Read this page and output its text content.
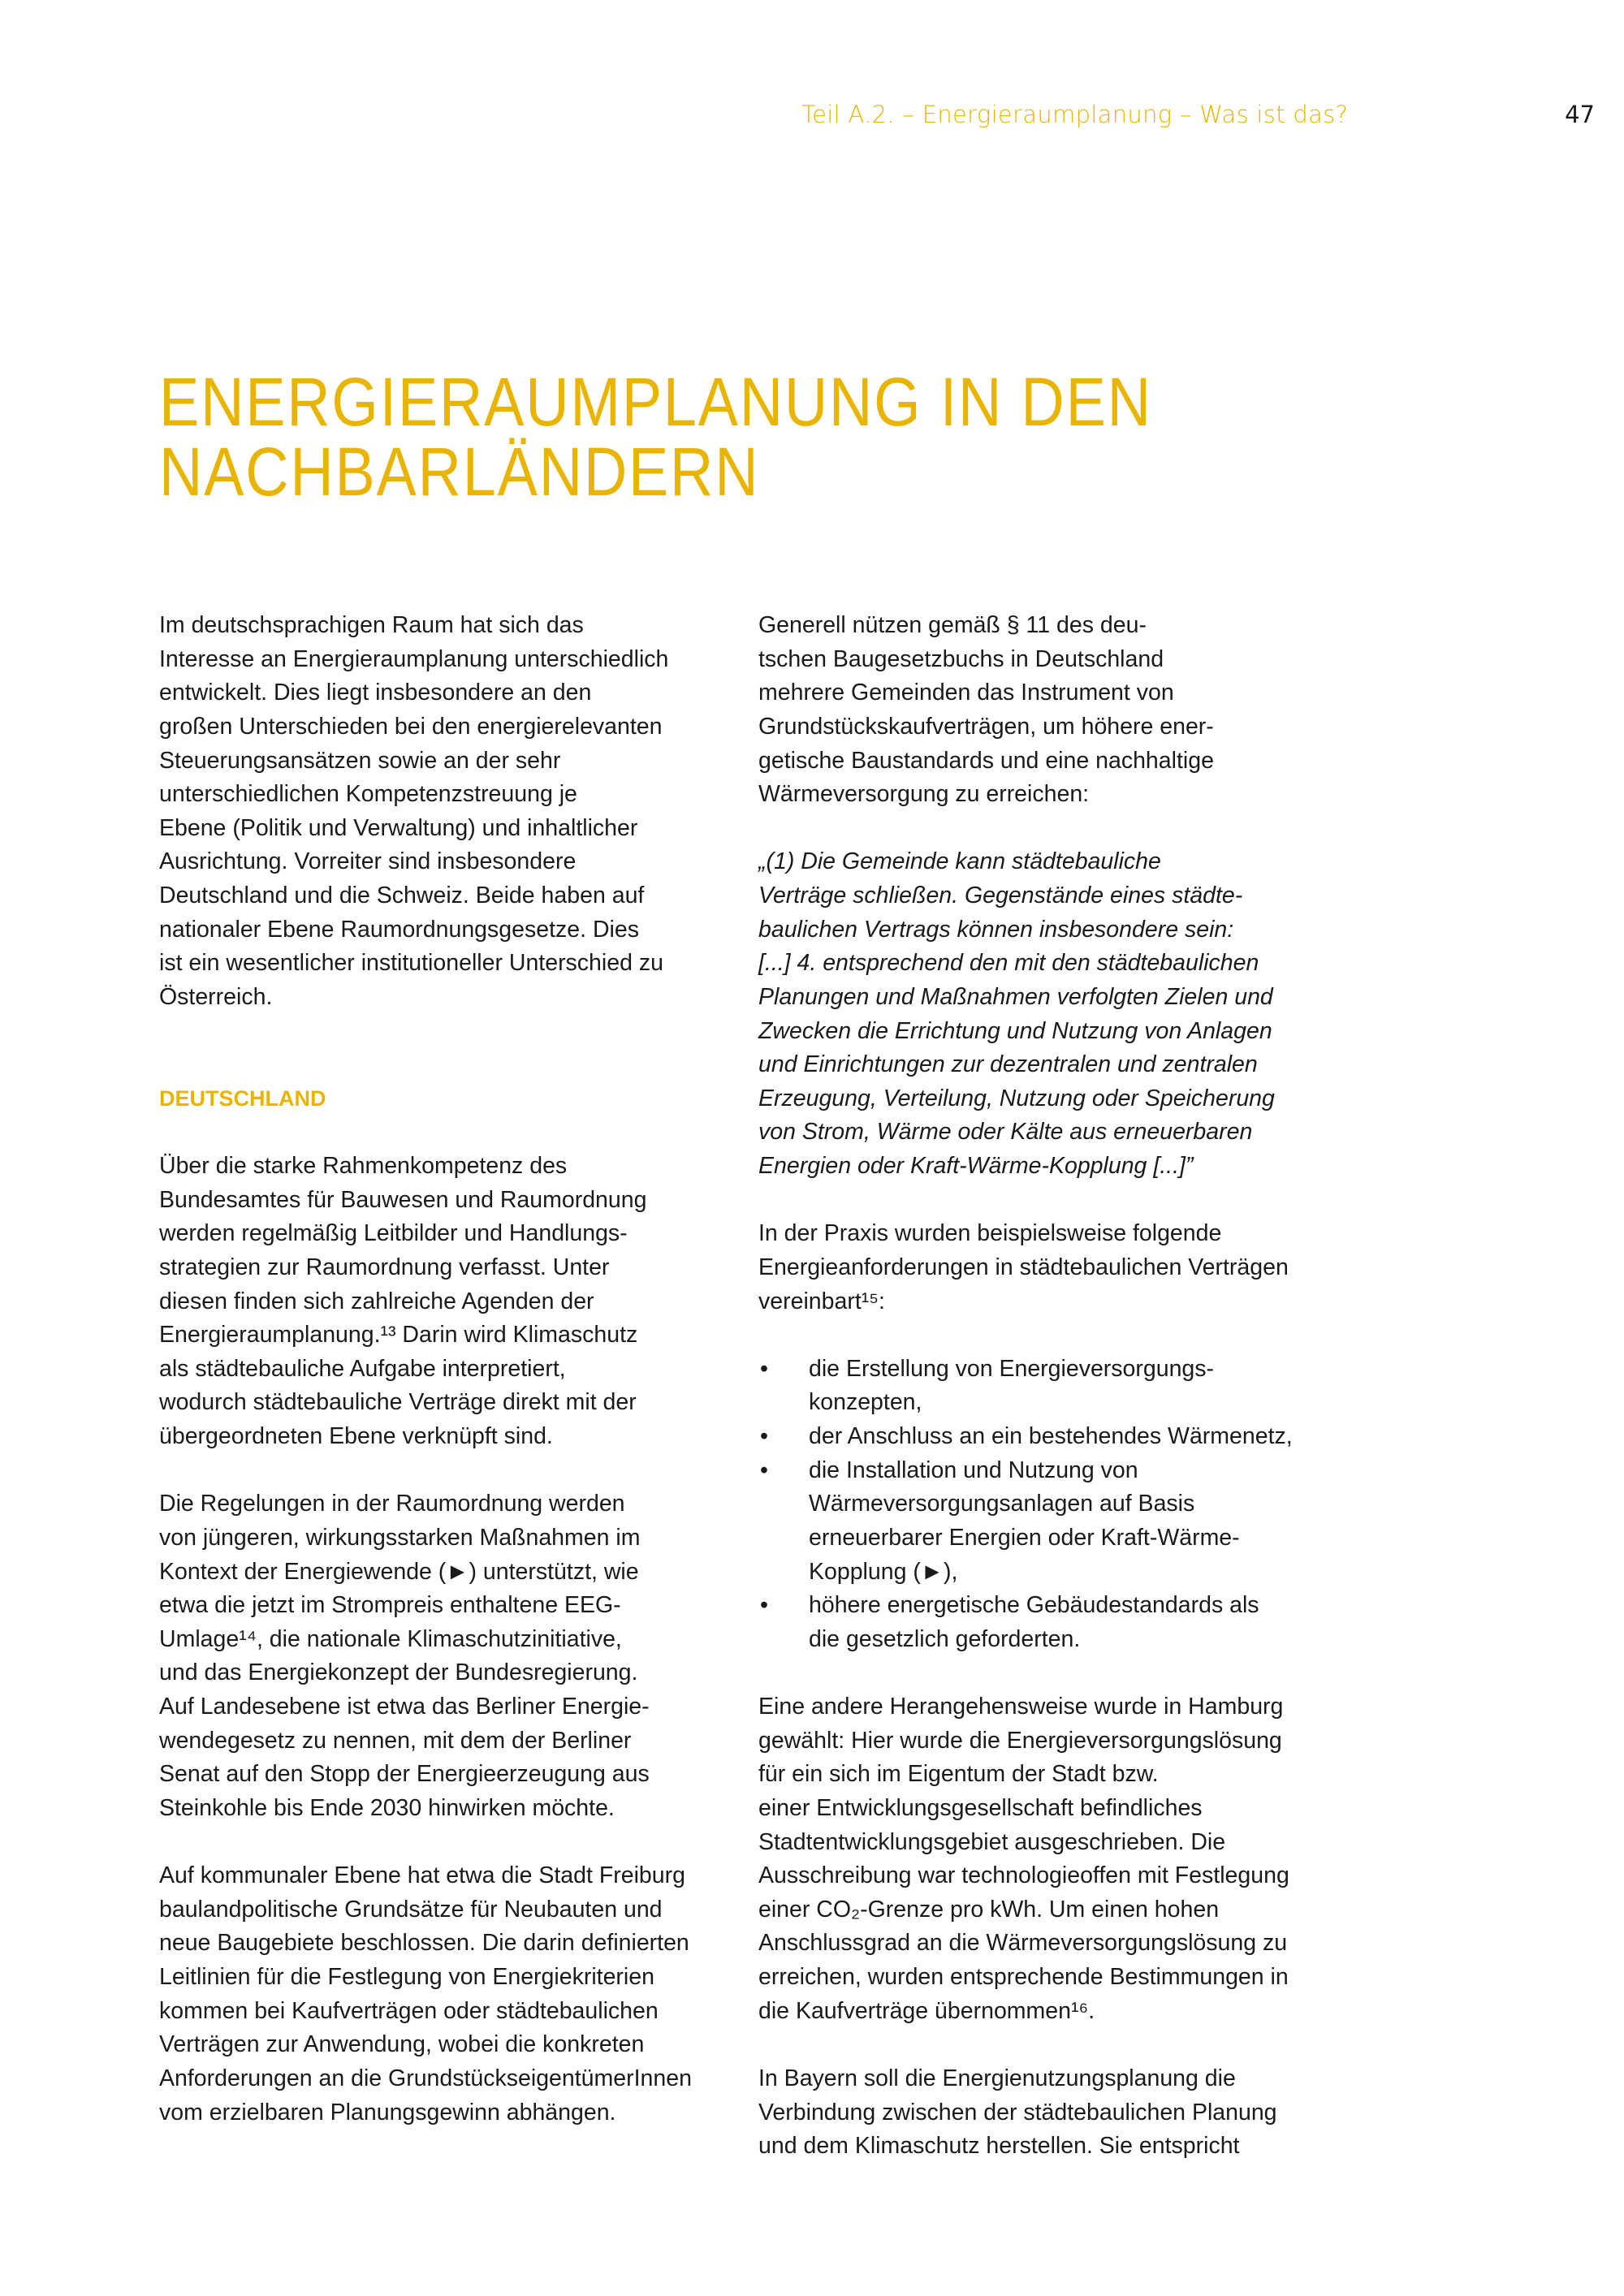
Teil A.2. – Energieraumplanung – Was ist das?	47
ENERGIERAUMPLANUNG IN DEN
NACHBARLÄNDERN
Im deutschsprachigen Raum hat sich das
Interesse an Energieraumplanung unterschiedlich
entwickelt. Dies liegt insbesondere an den
großen Unterschieden bei den energierelevanten
Steuerungsansätzen sowie an der sehr
unterschiedlichen Kompetenzstreuung je
Ebene (Politik und Verwaltung) und inhaltlicher
Ausrichtung. Vorreiter sind insbesondere
Deutschland und die Schweiz. Beide haben auf
nationaler Ebene Raumordnungsgesetze. Dies
ist ein wesentlicher institutioneller Unterschied zu
Österreich.
DEUTSCHLAND
Über die starke Rahmenkompetenz des
Bundesamtes für Bauwesen und Raumordnung
werden regelmäßig Leitbilder und Handlungs-
strategien zur Raumordnung verfasst. Unter
diesen finden sich zahlreiche Agenden der
Energieraumplanung.¹³ Darin wird Klimaschutz
als städtebauliche Aufgabe interpretiert,
wodurch städtebauliche Verträge direkt mit der
übergeordneten Ebene verknüpft sind.
Die Regelungen in der Raumordnung werden
von jüngeren, wirkungsstarken Maßnahmen im
Kontext der Energiewende (►) unterstützt, wie
etwa die jetzt im Strompreis enthaltene EEG-
Umlage¹⁴, die nationale Klimaschutzinitiative,
und das Energiekonzept der Bundesregierung.
Auf Landesebene ist etwa das Berliner Energie-
wendegesetz zu nennen, mit dem der Berliner
Senat auf den Stopp der Energieerzeugung aus
Steinkohle bis Ende 2030 hinwirken möchte.
Auf kommunaler Ebene hat etwa die Stadt Freiburg
baulandpolitische Grundsätze für Neubauten und
neue Baugebiete beschlossen. Die darin definierten
Leitlinien für die Festlegung von Energiekriterien
kommen bei Kaufverträgen oder städtebaulichen
Verträgen zur Anwendung, wobei die konkreten
Anforderungen an die GrundstückseigentümerInnen
vom erzielbaren Planungsgewinn abhängen.
Generell nützen gemäß § 11 des deu-
tschen Baugesetzbuchs in Deutschland
mehrere Gemeinden das Instrument von
Grundstückskaufverträgen, um höhere ener-
getische Baustandards und eine nachhaltige
Wärmeversorgung zu erreichen:
„(1) Die Gemeinde kann städtebauliche
Verträge schließen. Gegenstände eines städte-
baulichen Vertrags können insbesondere sein:
[...] 4. entsprechend den mit den städtebaulichen
Planungen und Maßnahmen verfolgten Zielen und
Zwecken die Errichtung und Nutzung von Anlagen
und Einrichtungen zur dezentralen und zentralen
Erzeugung, Verteilung, Nutzung oder Speicherung
von Strom, Wärme oder Kälte aus erneuerbaren
Energien oder Kraft-Wärme-Kopplung [...]”
In der Praxis wurden beispielsweise folgende
Energieanforderungen in städtebaulichen Verträgen
vereinbart¹⁵:
• die Erstellung von Energieversorgungs-
konzepten,
• der Anschluss an ein bestehendes Wärmenetz,
• die Installation und Nutzung von
Wärmeversorgungsanlagen auf Basis
erneuerbarer Energien oder Kraft-Wärme-
Kopplung (►),
• höhere energetische Gebäudestandards als
die gesetzlich geforderten.
Eine andere Herangehensweise wurde in Hamburg
gewählt: Hier wurde die Energieversorgungslösung
für ein sich im Eigentum der Stadt bzw.
einer Entwicklungsgesellschaft befindliches
Stadtentwicklungsgebiet ausgeschrieben. Die
Ausschreibung war technologieoffen mit Festlegung
einer CO₂-Grenze pro kWh. Um einen hohen
Anschlussgrad an die Wärmeversorgungslösung zu
erreichen, wurden entsprechende Bestimmungen in
die Kaufverträge übernommen¹⁶.
In Bayern soll die Energienutzungsplanung die
Verbindung zwischen der städtebaulichen Planung
und dem Klimaschutz herstellen. Sie entspricht
